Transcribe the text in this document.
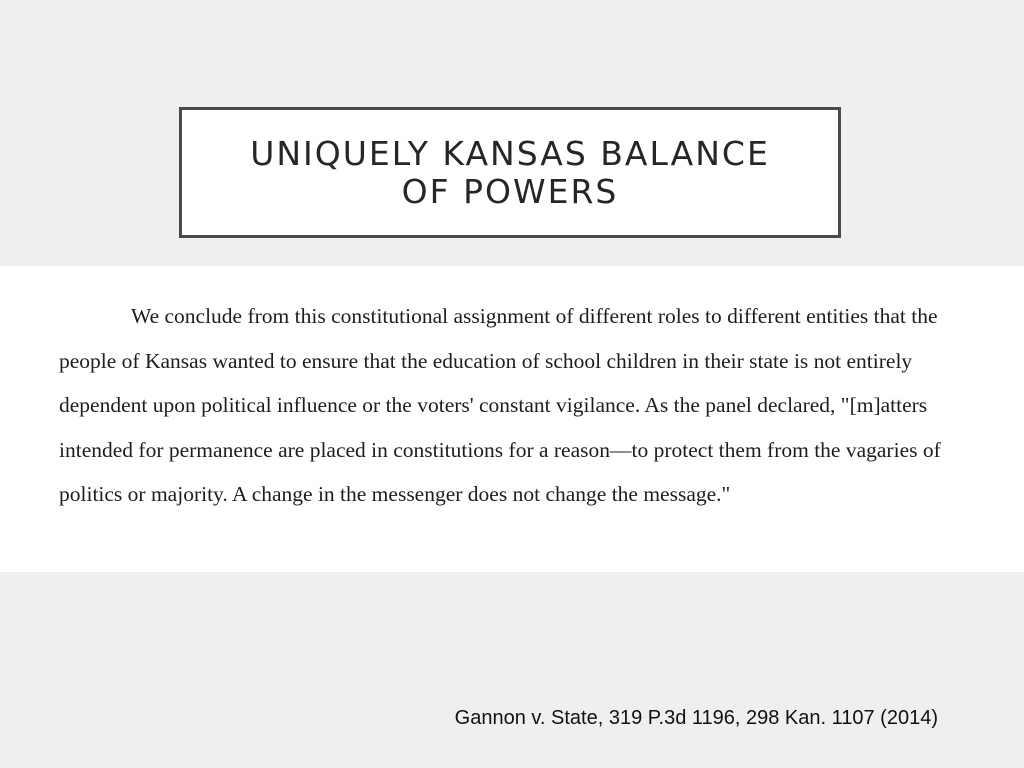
UNIQUELY KANSAS BALANCE OF POWERS

We conclude from this constitutional assignment of different roles to different entities that the people of Kansas wanted to ensure that the education of school children in their state is not entirely dependent upon political influence or the voters' constant vigilance. As the panel declared, "[m]atters intended for permanence are placed in constitutions for a reason—to protect them from the vagaries of politics or majority. A change in the messenger does not change the message."

Gannon v. State, 319 P.3d 1196, 298 Kan. 1107 (2014)
